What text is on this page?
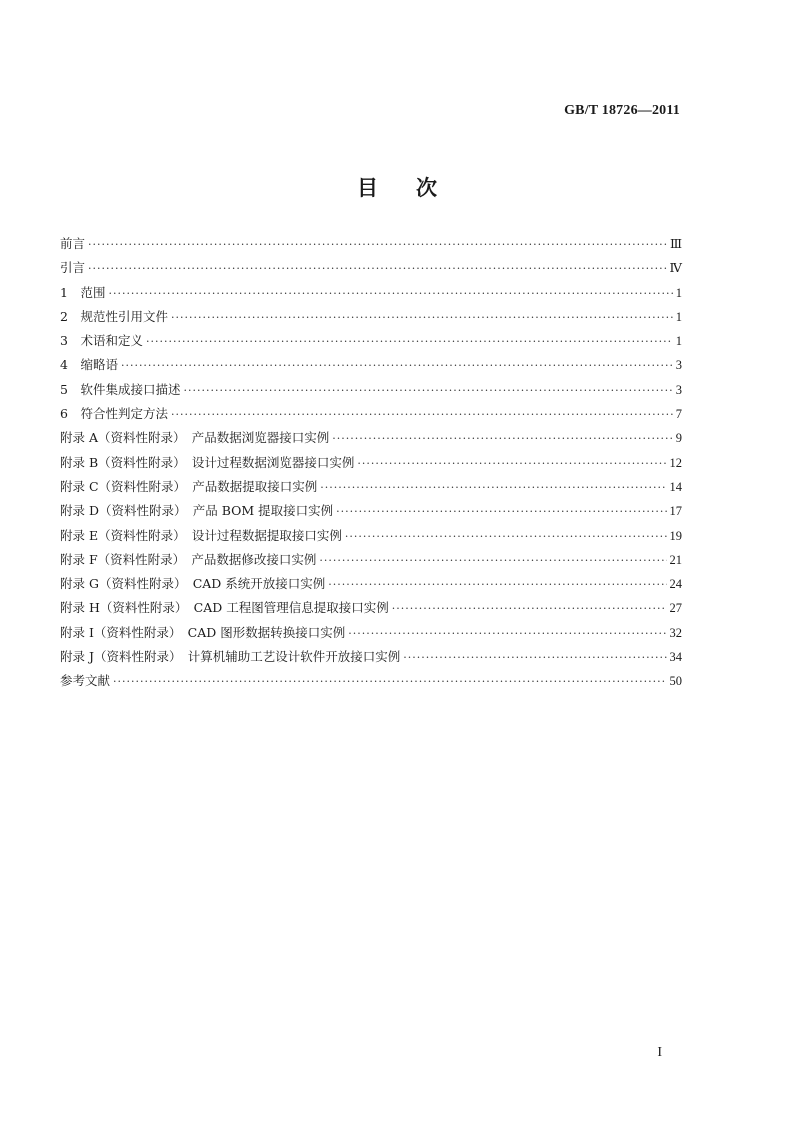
GB/T 18726—2011
目次
前言 ·····	Ⅲ
引言 ·····	Ⅳ
1　范围 ·····	1
2　规范性引用文件 ·····	1
3　术语和定义 ·····	1
4　缩略语 ·····	3
5　软件集成接口描述 ·····	3
6　符合性判定方法 ·····	7
附录 A（资料性附录）　产品数据浏览器接口实例 ·····	9
附录 B（资料性附录）　设计过程数据浏览器接口实例 ·····	12
附录 C（资料性附录）　产品数据提取接口实例 ·····	14
附录 D（资料性附录）　产品 BOM 提取接口实例 ·····	17
附录 E（资料性附录）　设计过程数据提取接口实例 ·····	19
附录 F（资料性附录）　产品数据修改接口实例 ·····	21
附录 G（资料性附录）　CAD 系统开放接口实例 ·····	24
附录 H（资料性附录）　CAD 工程图管理信息提取接口实例 ·····	27
附录 I（资料性附录）　CAD 图形数据转换接口实例 ·····	32
附录 J（资料性附录）　计算机辅助工艺设计软件开放接口实例 ·····	34
参考文献 ·····	50
I
